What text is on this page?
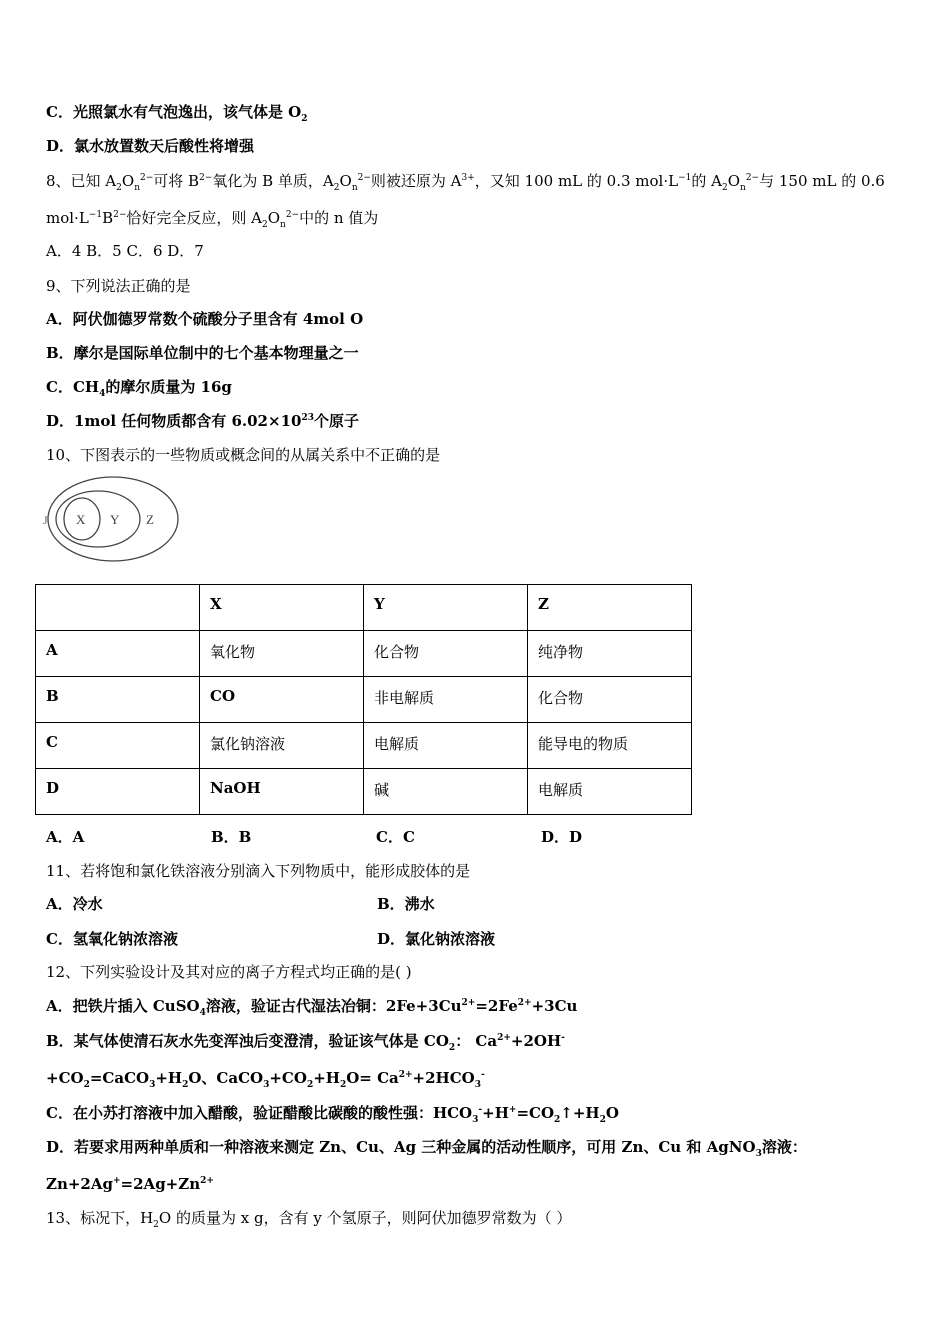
C．光照氯水有气泡逸出，该气体是 $O_2$
D．氯水放置数天后酸性将增强
8、已知 $A_2O_n^{2-}$可将 $B^{2-}$氧化为 B 单质，$A_2O_n^{2-}$则被还原为 $A^{3+}$，又知 100 mL 的 0.3 $mol\cdot L^{-1}$的 $A_2O_n^{2-}$与 150 mL 的 0.6
$mol\cdot L^{-1}B^{2-}$恰好完全反应，则 $A_2O_n^{2-}$中的 n 值为
A．4 B．5 C．6 D．7
9、下列说法正确的是
A．阿伏伽德罗常数个硫酸分子里含有 4mol O
B．摩尔是国际单位制中的七个基本物理量之一
C．$CH_4$的摩尔质量为 16g
D．1mol 任何物质都含有 $6.02\times 10^{23}$个原子
10、下图表示的一些物质或概念间的从属关系中不正确的是
X Y Z
J
	X	Y	Z
A	氧化物	化合物	纯净物
B	CO	非电解质	化合物
C	氯化钠溶液	电解质	能导电的物质
D	NaOH	碱	电解质
A．A	B．B	C．C	D．D
11、若将饱和氯化铁溶液分别滴入下列物质中，能形成胶体的是
A．冷水	B．沸水
C．氢氧化钠浓溶液	D．氯化钠浓溶液
12、下列实验设计及其对应的离子方程式均正确的是( )
A．把铁片插入 CuSO$_4$溶液，验证古代湿法冶铜：$2Fe+3Cu^{2+}=2Fe^{2+}+3Cu$
B．某气体使清石灰水先变浑浊后变澄清，验证该气体是 $CO_2$： $Ca^{2+}+2OH^-$
$+CO_2=CaCO_3+H_2O$、$CaCO_3+CO_2+H_2O= Ca^{2+}+2HCO_3^-$
C．在小苏打溶液中加入醋酸，验证醋酸比碳酸的酸性强：$HCO_3^-+H^+=CO_2↑+H_2O$
D．若要求用两种单质和一种溶液来测定 Zn、Cu、Ag 三种金属的活动性顺序，可用 Zn、Cu 和 AgNO$_3$溶液：
$Zn+2Ag^+=2Ag+Zn^{2+}$
13、标况下，$H_2O$ 的质量为 x g，含有 y 个氢原子，则阿伏加德罗常数为（ ）
